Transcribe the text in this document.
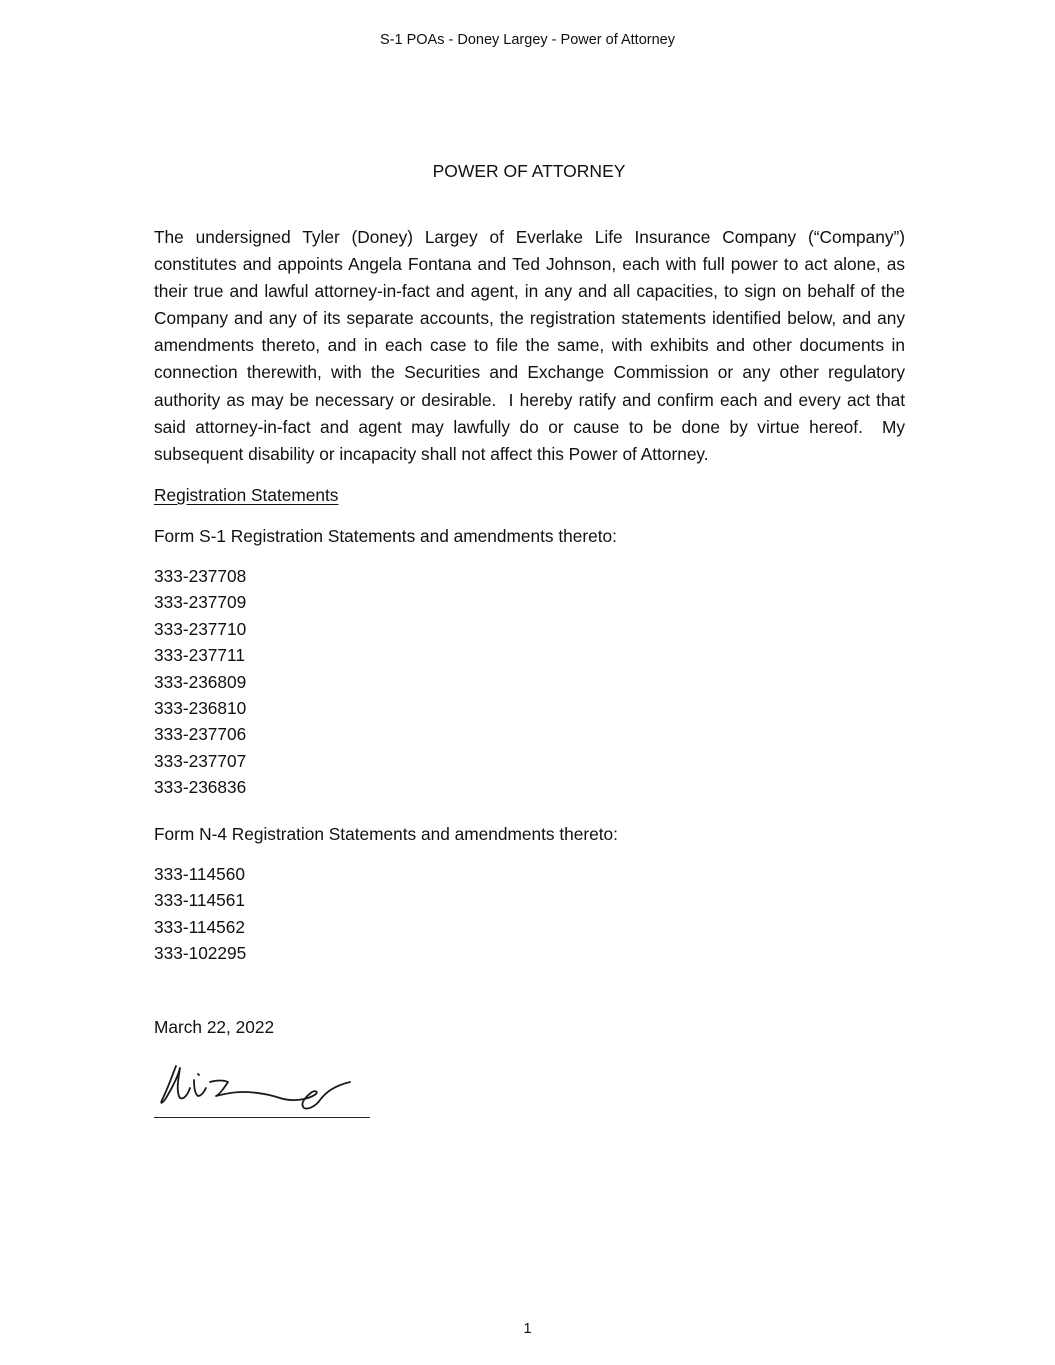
S-1 POAs - Doney Largey - Power of Attorney
POWER OF ATTORNEY

The undersigned Tyler (Doney) Largey of Everlake Life Insurance Company (“Company”) constitutes and appoints Angela Fontana and Ted Johnson, each with full power to act alone, as their true and lawful attorney-in-fact and agent, in any and all capacities, to sign on behalf of the Company and any of its separate accounts, the registration statements identified below, and any amendments thereto, and in each case to file the same, with exhibits and other documents in connection therewith, with the Securities and Exchange Commission or any other regulatory authority as may be necessary or desirable.  I hereby ratify and confirm each and every act that said attorney-in-fact and agent may lawfully do or cause to be done by virtue hereof.  My subsequent disability or incapacity shall not affect this Power of Attorney.

Registration Statements
Form S-1 Registration Statements and amendments thereto:
333-237708
333-237709
333-237710
333-237711
333-236809
333-236810
333-237706
333-237707
333-236836
Form N-4 Registration Statements and amendments thereto:
333-114560
333-114561
333-114562
333-102295
March 22, 2022
1
